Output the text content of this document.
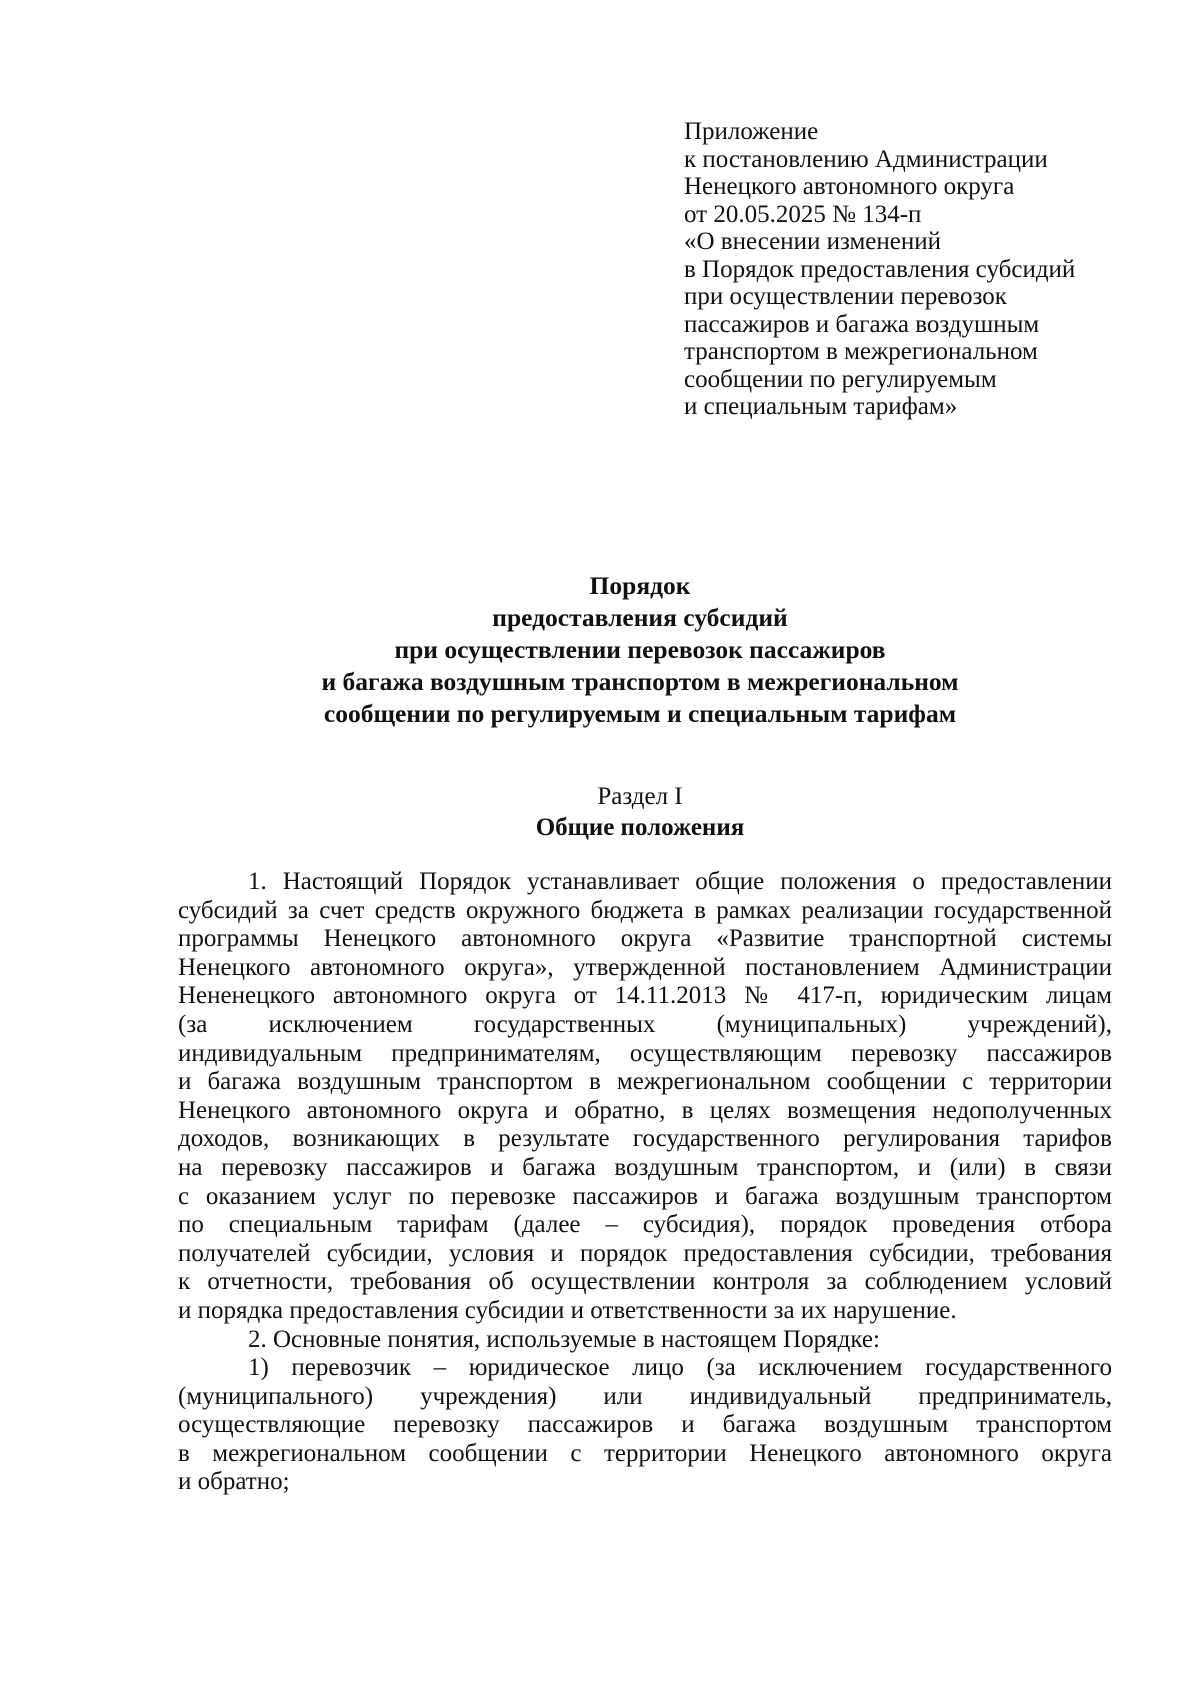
Приложение
к постановлению Администрации
Ненецкого автономного округа
от 20.05.2025 № 134-п
«О внесении изменений
в Порядок предоставления субсидий
при осуществлении перевозок
пассажиров и багажа воздушным
транспортом в межрегиональном
сообщении по регулируемым
и специальным тарифам»
Порядок
предоставления субсидий
при осуществлении перевозок пассажиров
и багажа воздушным транспортом в межрегиональном
сообщении по регулируемым и специальным тарифам
Раздел I
Общие положения

1. Настоящий Порядок устанавливает общие положения о предоставлении
субсидий за счет средств окружного бюджета в рамках реализации государственной
программы Ненецкого автономного округа «Развитие транспортной системы
Ненецкого автономного округа», утвержденной постановлением Администрации
Нененецкого автономного округа от 14.11.2013 № 417-п, юридическим лицам
(за исключением государственных (муниципальных) учреждений),
индивидуальным предпринимателям, осуществляющим перевозку пассажиров
и багажа воздушным транспортом в межрегиональном сообщении с территории
Ненецкого автономного округа и обратно, в целях возмещения недополученных
доходов, возникающих в результате государственного регулирования тарифов
на перевозку пассажиров и багажа воздушным транспортом, и (или) в связи
с оказанием услуг по перевозке пассажиров и багажа воздушным транспортом
по специальным тарифам (далее – субсидия), порядок проведения отбора
получателей субсидии, условия и порядок предоставления субсидии, требования
к отчетности, требования об осуществлении контроля за соблюдением условий
и порядка предоставления субсидии и ответственности за их нарушение.

2. Основные понятия, используемые в настоящем Порядке:

1) перевозчик – юридическое лицо (за исключением государственного
(муниципального) учреждения) или индивидуальный предприниматель,
осуществляющие перевозку пассажиров и багажа воздушным транспортом
в межрегиональном сообщении с территории Ненецкого автономного округа
и обратно;
